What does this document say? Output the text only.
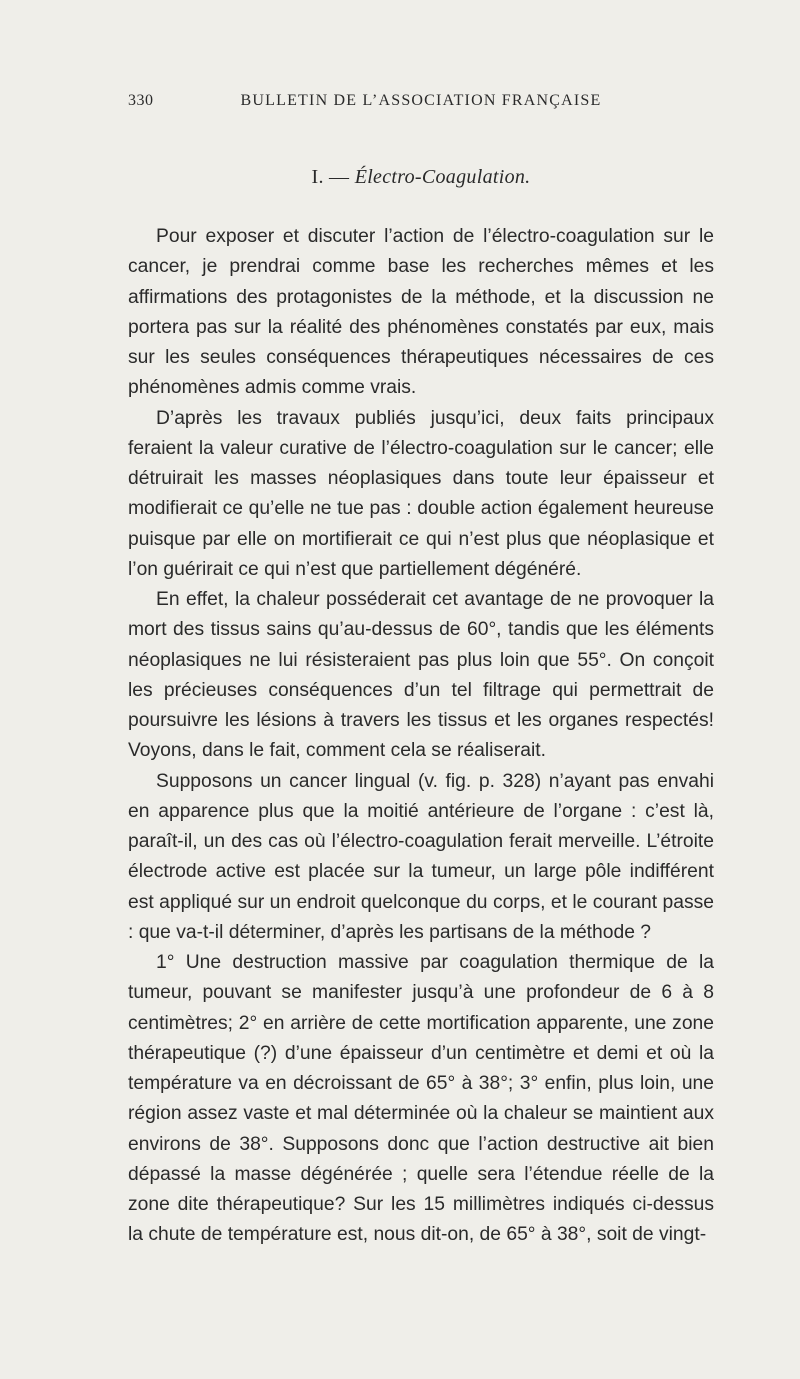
330	BULLETIN DE L’ASSOCIATION FRANÇAISE
I. — Électro-Coagulation.

Pour exposer et discuter l’action de l’électro-coagulation sur le cancer, je prendrai comme base les recherches mêmes et les affirmations des protagonistes de la méthode, et la discussion ne portera pas sur la réalité des phénomènes constatés par eux, mais sur les seules conséquences thérapeutiques nécessaires de ces phénomènes admis comme vrais.

D’après les travaux publiés jusqu’ici, deux faits principaux feraient la valeur curative de l’électro-coagulation sur le cancer; elle détruirait les masses néoplasiques dans toute leur épaisseur et modifierait ce qu’elle ne tue pas : double action également heureuse puisque par elle on mortifierait ce qui n’est plus que néoplasique et l’on guérirait ce qui n’est que partiellement dégénéré.

En effet, la chaleur posséderait cet avantage de ne provoquer la mort des tissus sains qu’au-dessus de 60°, tandis que les éléments néoplasiques ne lui résisteraient pas plus loin que 55°. On conçoit les précieuses conséquences d’un tel filtrage qui permettrait de poursuivre les lésions à travers les tissus et les organes respectés! Voyons, dans le fait, comment cela se réaliserait.

Supposons un cancer lingual (v. fig. p. 328) n’ayant pas envahi en apparence plus que la moitié antérieure de l’organe : c’est là, paraît-il, un des cas où l’électro-coagulation ferait merveille. L’étroite électrode active est placée sur la tumeur, un large pôle indifférent est appliqué sur un endroit quelconque du corps, et le courant passe : que va-t-il déterminer, d’après les partisans de la méthode ?

1° Une destruction massive par coagulation thermique de la tumeur, pouvant se manifester jusqu’à une profondeur de 6 à 8 centimètres; 2° en arrière de cette mortification apparente, une zone thérapeutique (?) d’une épaisseur d’un centimètre et demi et où la température va en décroissant de 65° à 38°; 3° enfin, plus loin, une région assez vaste et mal déterminée où la chaleur se maintient aux environs de 38°. Supposons donc que l’action destructive ait bien dépassé la masse dégénérée ; quelle sera l’étendue réelle de la zone dite thérapeutique? Sur les 15 millimètres indiqués ci-dessus la chute de température est, nous dit-on, de 65° à 38°, soit de vingt-
